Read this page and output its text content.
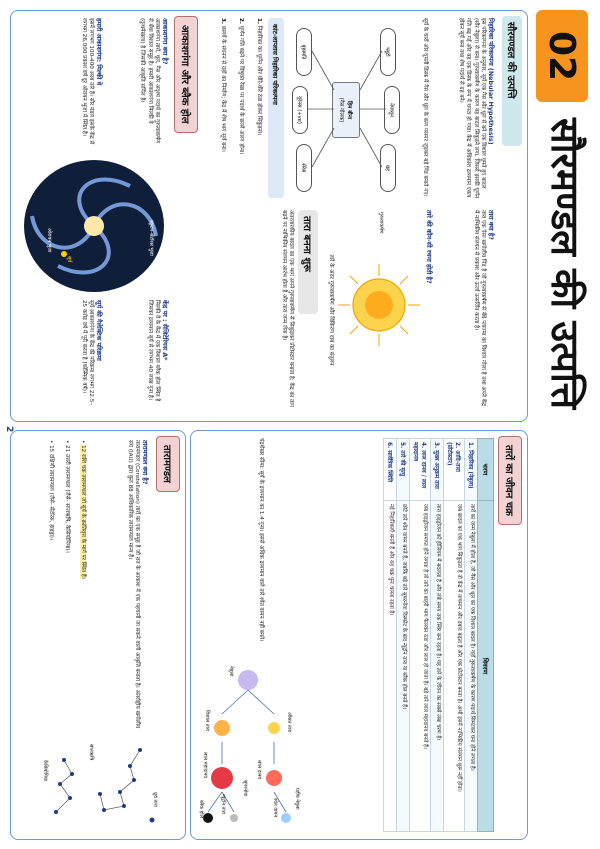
02
सौरमण्डल की उत्पत्ति
सौरमण्डल की उत्पत्ति
निहारिका परिकल्पना (Nebular Hypothesis)
इस परिकल्पना के अनुसार, सूर्य एक गैस और धूल से बने एक विशाल घूमते हुए बादल (सौर नेबुला) से बना। गुरुत्वाकर्षण के कारण यह बादल सिकुड़ने लगा, जिससे इसकी घूर्णन गति बढ़ गई और यह एक डिस्क के रूप में चपटा हो गया। केंद्र में अधिकांश द्रव्यमान एकत्र होकर सूर्य बना तथा शेष पदार्थ से ग्रह बने।
सूर्य के चारों ओर घूमती डिस्क में गैस और धूल के कण परस्पर जुड़कर बड़े पिंड बनाते गए।
हिम बौना
(गैस गोलक)
प्लूटो
नेपच्यून
ग्रह
बृहस्पति
यूरेनस (+ve)
सेरेस
कांट-लाप्लास निहारिका परिकल्पना
1. निहारिका का घूर्णन और धीरे-धीरे ठंडा होकर सिकुड़ना।
2. घूर्णन गति बढ़ने पर विषुवत रेखा पर पदार्थ के छल्ले अलग होना।
3. छल्लों के संघनन से ग्रहों का निर्माण; केंद्र में शेष भाग सूर्य बना।
तारा क्या है?
तारा एक ऐसा खगोलीय पिंड है जो गुरुत्वाकर्षण से बँधे प्लाज्मा का विशाल गोला है तथा अपने केंद्र में नाभिकीय संलयन से प्रकाश और ऊर्जा उत्सर्जित करता है।
तारे की कौन-सी रचना होती है?
गुरुत्वाकर्षण
तारे के अंदर गुरुत्वाकर्षण और विकिरण दाब का संतुलन
तारा बनना शुरू
अंतरतारकीय बादल का एक भाग अपने गुरुत्वाकर्षण से सिकुड़कर प्रोटोस्टार बनाता है; केंद्र का ताप बढ़ने पर नाभिकीय संलयन आरंभ होता है और तारा जन्म लेता है।
आकाशगंगा और ब्लैक होल
आकाशगंगा क्या है?
आकाशगंगा तारों, धूल, गैस और अदृश्य पदार्थ का गुरुत्वाकर्षण से बँधा विशाल समूह है। हमारी आकाशगंगा मिल्की वे (दुग्धमेखला) है जिसकी आकृति सर्पिल है।
हमारी आकाशगंगा: मिल्की वे
इसमें लगभग 100-400 अरब तारे हैं। सौर मंडल इसके केंद्र से लगभग 26,000 प्रकाश वर्ष दूर ओरायन भुजा में स्थित है।
केंद्र पर : सैजिटेरियस A*
मिल्की वे के केंद्र में एक विशाल ब्लैक होल स्थित है जिसका द्रव्यमान सूर्य से लगभग 40 लाख गुना है।
सूर्य की गैलेक्टिक परिक्रमा
सूर्य आकाशगंगा के केंद्र की परिक्रमा लगभग 22.5–25 करोड़ वर्ष में पूरी करता है (कॉस्मिक वर्ष)।
पर्सियस भुजा
ओरायन भुजा
धनु भुजा
स्कूटम-सेंटॉरस भुजा
सूर्य
तारों का जीवन चक्र
चरण	विवरण
1. निहारिका (नेबुला)	तारों का जन्म नेबुला में होता है, जो गैस और धूल का एक विशाल बादल है। यहाँ गुरुत्वाकर्षण के कारण पदार्थ सिमटकर घना होने लगता है।
2. आदि-तारा (प्रोटोस्टार)	जब बादल का एक भाग सिकुड़ता है तो केंद्र में तापमान और दबाव बढ़ता है और एक प्रोटोस्टार बनता है। अभी इसमें नाभिकीय संलयन शुरू नहीं होता।
3. मुख्य अनुक्रम तारा	तारा हाइड्रोजन को हीलियम में बदलता है और लंबे समय तक स्थिर बना रहता है। यह तारे के जीवन का सबसे लंबा चरण है।
4. लाल दानव / लाल महादानव	जब हाइड्रोजन समाप्त होने लगता है तो तारे का बाहरी भाग फैलकर ठंडा और लाल हो जाता है। बड़े तारे लाल महादानव बनते हैं।
5. तारे की मृत्यु	छोटे तारे श्वेत वामन बनते हैं, जबकि बड़े तारे सुपरनोवा विस्फोट के बाद न्यूट्रॉन तारा या ब्लैक होल बनते हैं।
6. सार्वत्रिक स्थिति	नई निहारिकाएँ बनती हैं और यह चक्र पुनः चलता रहता है।
चंद्रशेखर सीमा: सूर्य के द्रव्यमान का 1.4 गुना। इससे अधिक द्रव्यमान वाले तारे श्वेत वामन नहीं बनते।
नेबुला
औसत तारा
विशाल तारा
लाल दानव
लाल महादानव
ग्रहीय नेबुला
सुपरनोवा
श्वेत वामन
न्यूट्रॉन तारा
ब्लैक होल
तारामण्डल
तारामण्डल क्या है?
तारामण्डल (Constellation) तारों का एक समूह है जो रात के आकाश में एक पहचानी जा सकने वाली आकृति बनाता है। अंतर्राष्ट्रीय खगोलीय संघ (IAU) द्वारा कुल 88 आधिकारिक तारामण्डल मान्य हैं।
• 12 राशि चक्र तारामण्डल जो सूर्य के क्रांतिवृत्त के मार्ग पर स्थित हैं।
• 21 उत्तरी तारामण्डल (जैसे- सप्तऋषि, कैसियोपिया)।
• 15 दक्षिणी तारामण्डल (जैसे- सेंटॉरस, हाइड्रा)।
सप्तऋषि
ध्रुव तारा
कैसियोपिया
2
